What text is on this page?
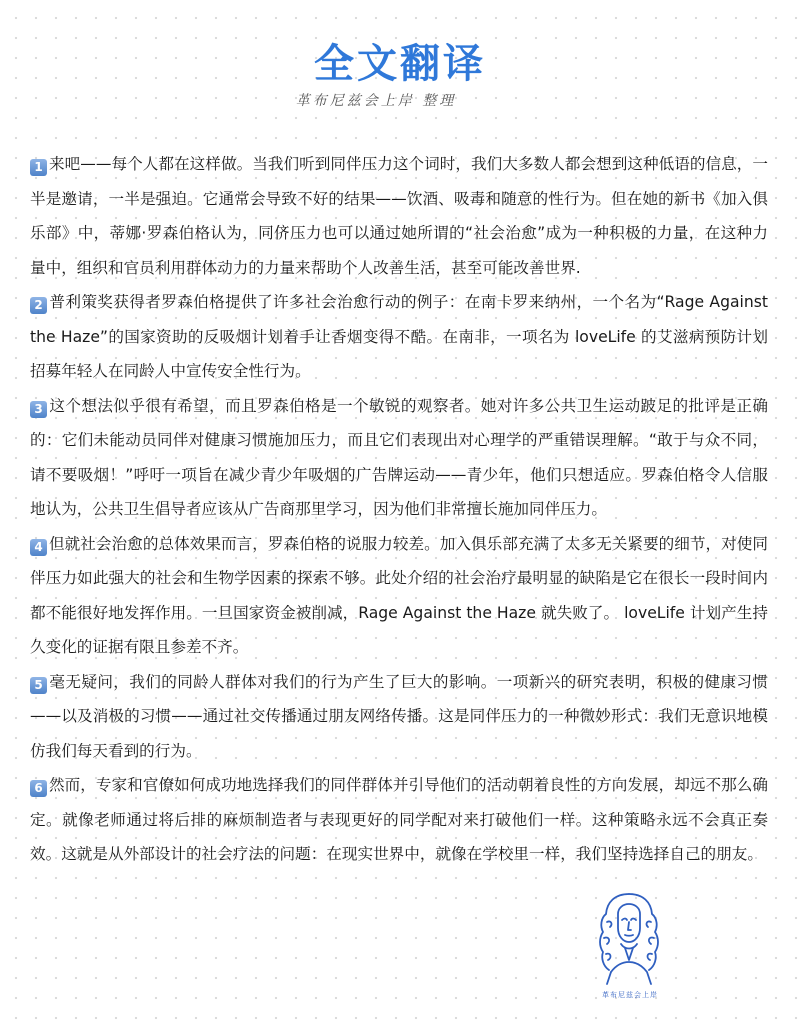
全文翻译
革布尼兹会上岸 整理

1 来吧——每个人都在这样做。当我们听到同伴压力这个词时，我们大多数人都会想到这种低语的信息，一半是邀请，一半是强迫。它通常会导致不好的结果——饮酒、吸毒和随意的性行为。但在她的新书《加入俱乐部》中，蒂娜·罗森伯格认为，同侪压力也可以通过她所谓的“社会治愈”成为一种积极的力量，在这种力量中，组织和官员利用群体动力的力量来帮助个人改善生活，甚至可能改善世界.

2 普利策奖获得者罗森伯格提供了许多社会治愈行动的例子：在南卡罗来纳州，一个名为“Rage Against the Haze”的国家资助的反吸烟计划着手让香烟变得不酷。在南非，一项名为 loveLife 的艾滋病预防计划招募年轻人在同龄人中宣传安全性行为。

3 这个想法似乎很有希望，而且罗森伯格是一个敏锐的观察者。她对许多公共卫生运动跛足的批评是正确的：它们未能动员同伴对健康习惯施加压力，而且它们表现出对心理学的严重错误理解。“敢于与众不同，请不要吸烟！”呼吁一项旨在减少青少年吸烟的广告牌运动——青少年，他们只想适应。罗森伯格令人信服地认为，公共卫生倡导者应该从广告商那里学习，因为他们非常擅长施加同伴压力。

4 但就社会治愈的总体效果而言，罗森伯格的说服力较差。加入俱乐部充满了太多无关紧要的细节，对使同伴压力如此强大的社会和生物学因素的探索不够。此处介绍的社会治疗最明显的缺陷是它在很长一段时间内都不能很好地发挥作用。一旦国家资金被削减，Rage Against the Haze 就失败了。 loveLife 计划产生持久变化的证据有限且参差不齐。

5 毫无疑问，我们的同龄人群体对我们的行为产生了巨大的影响。一项新兴的研究表明，积极的健康习惯——以及消极的习惯——通过社交传播通过朋友网络传播。这是同伴压力的一种微妙形式：我们无意识地模仿我们每天看到的行为。

6 然而，专家和官僚如何成功地选择我们的同伴群体并引导他们的活动朝着良性的方向发展，却远不那么确定。就像老师通过将后排的麻烦制造者与表现更好的同学配对来打破他们一样。这种策略永远不会真正奏效。这就是从外部设计的社会疗法的问题：在现实世界中，就像在学校里一样，我们坚持选择自己的朋友。

革布尼兹会上岸
